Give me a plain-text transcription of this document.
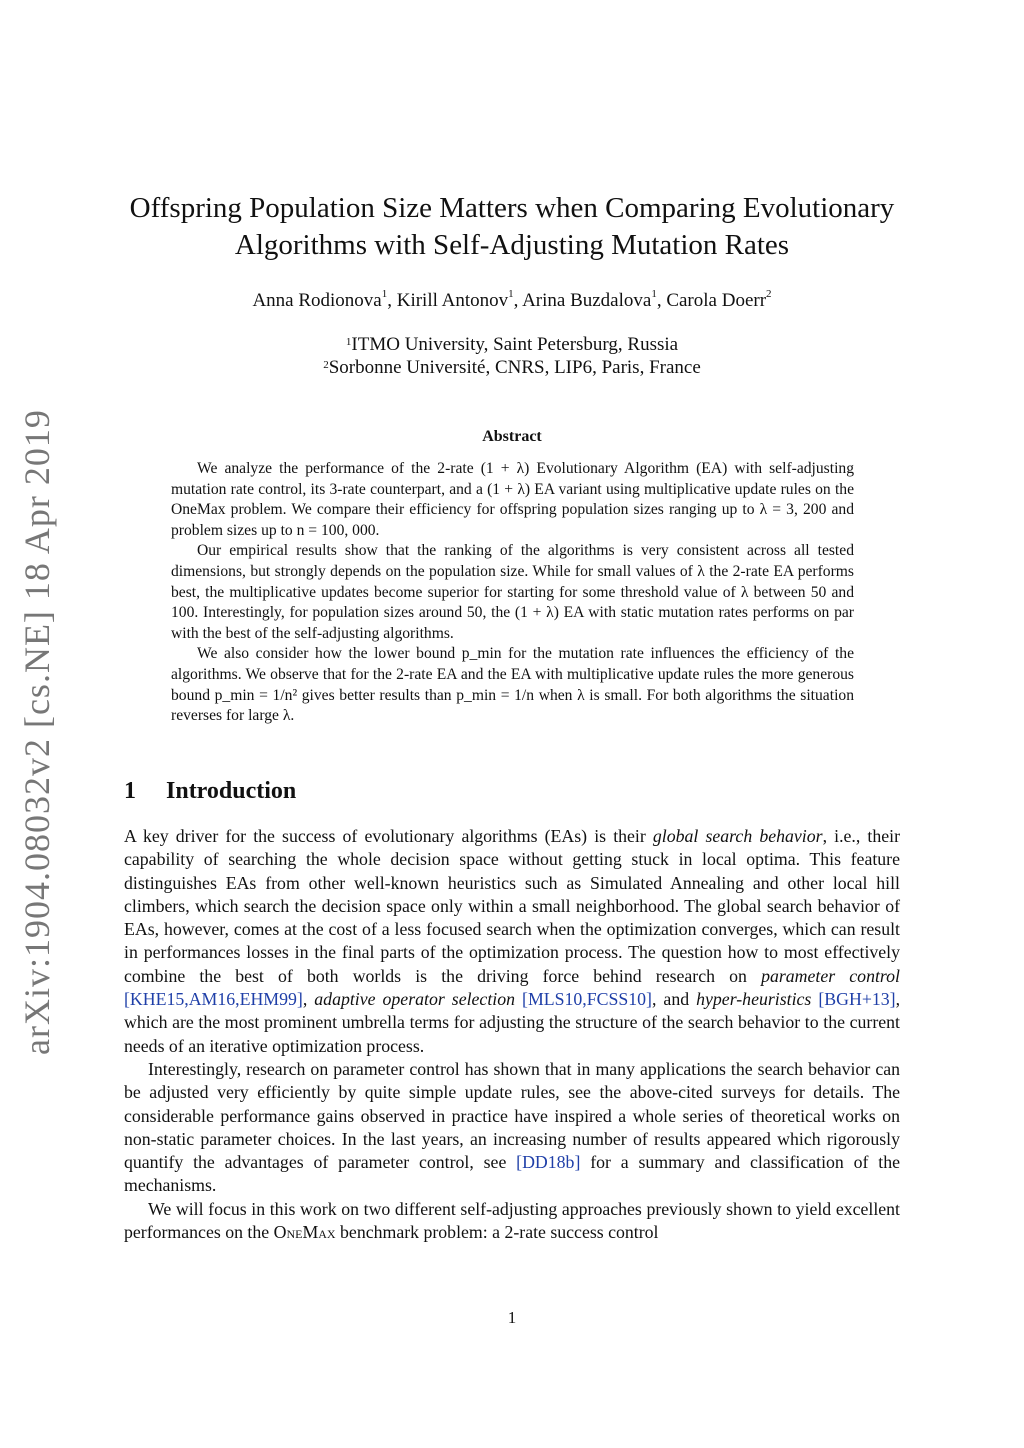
arXiv:1904.08032v2 [cs.NE] 18 Apr 2019
Offspring Population Size Matters when Comparing Evolutionary
Algorithms with Self-Adjusting Mutation Rates
Anna Rodionova$^1$, Kirill Antonov$^1$, Arina Buzdalova$^1$, Carola Doerr$^2$
$^1$ITMO University, Saint Petersburg, Russia
$^2$Sorbonne Université, CNRS, LIP6, Paris, France
Abstract

We analyze the performance of the 2-rate (1 + λ) Evolutionary Algorithm (EA) with self-adjusting mutation rate control, its 3-rate counterpart, and a (1 + λ) EA variant using multiplicative update rules on the OneMax problem. We compare their efficiency for offspring population sizes ranging up to λ = 3, 200 and problem sizes up to n = 100, 000.

Our empirical results show that the ranking of the algorithms is very consistent across all tested dimensions, but strongly depends on the population size. While for small values of λ the 2-rate EA performs best, the multiplicative updates become superior for starting for some threshold value of λ between 50 and 100. Interestingly, for population sizes around 50, the (1 + λ) EA with static mutation rates performs on par with the best of the self-adjusting algorithms.

We also consider how the lower bound p_min for the mutation rate influences the efficiency of the algorithms. We observe that for the 2-rate EA and the EA with multiplicative update rules the more generous bound p_min = 1/n² gives better results than p_min = 1/n when λ is small. For both algorithms the situation reverses for large λ.

1 Introduction

A key driver for the success of evolutionary algorithms (EAs) is their global search behavior, i.e., their capability of searching the whole decision space without getting stuck in local optima. This feature distinguishes EAs from other well-known heuristics such as Simulated Annealing and other local hill climbers, which search the decision space only within a small neighborhood. The global search behavior of EAs, however, comes at the cost of a less focused search when the optimization converges, which can result in performances losses in the final parts of the optimization process. The question how to most effectively combine the best of both worlds is the driving force behind research on parameter control [KHE15,AM16,EHM99], adaptive operator selection [MLS10,FCSS10], and hyper-heuristics [BGH+13], which are the most prominent umbrella terms for adjusting the structure of the search behavior to the current needs of an iterative optimization process.

Interestingly, research on parameter control has shown that in many applications the search behavior can be adjusted very efficiently by quite simple update rules, see the above-cited surveys for details. The considerable performance gains observed in practice have inspired a whole series of theoretical works on non-static parameter choices. In the last years, an increasing number of results appeared which rigorously quantify the advantages of parameter control, see [DD18b] for a summary and classification of the mechanisms.

We will focus in this work on two different self-adjusting approaches previously shown to yield excellent performances on the OneMax benchmark problem: a 2-rate success control

1
